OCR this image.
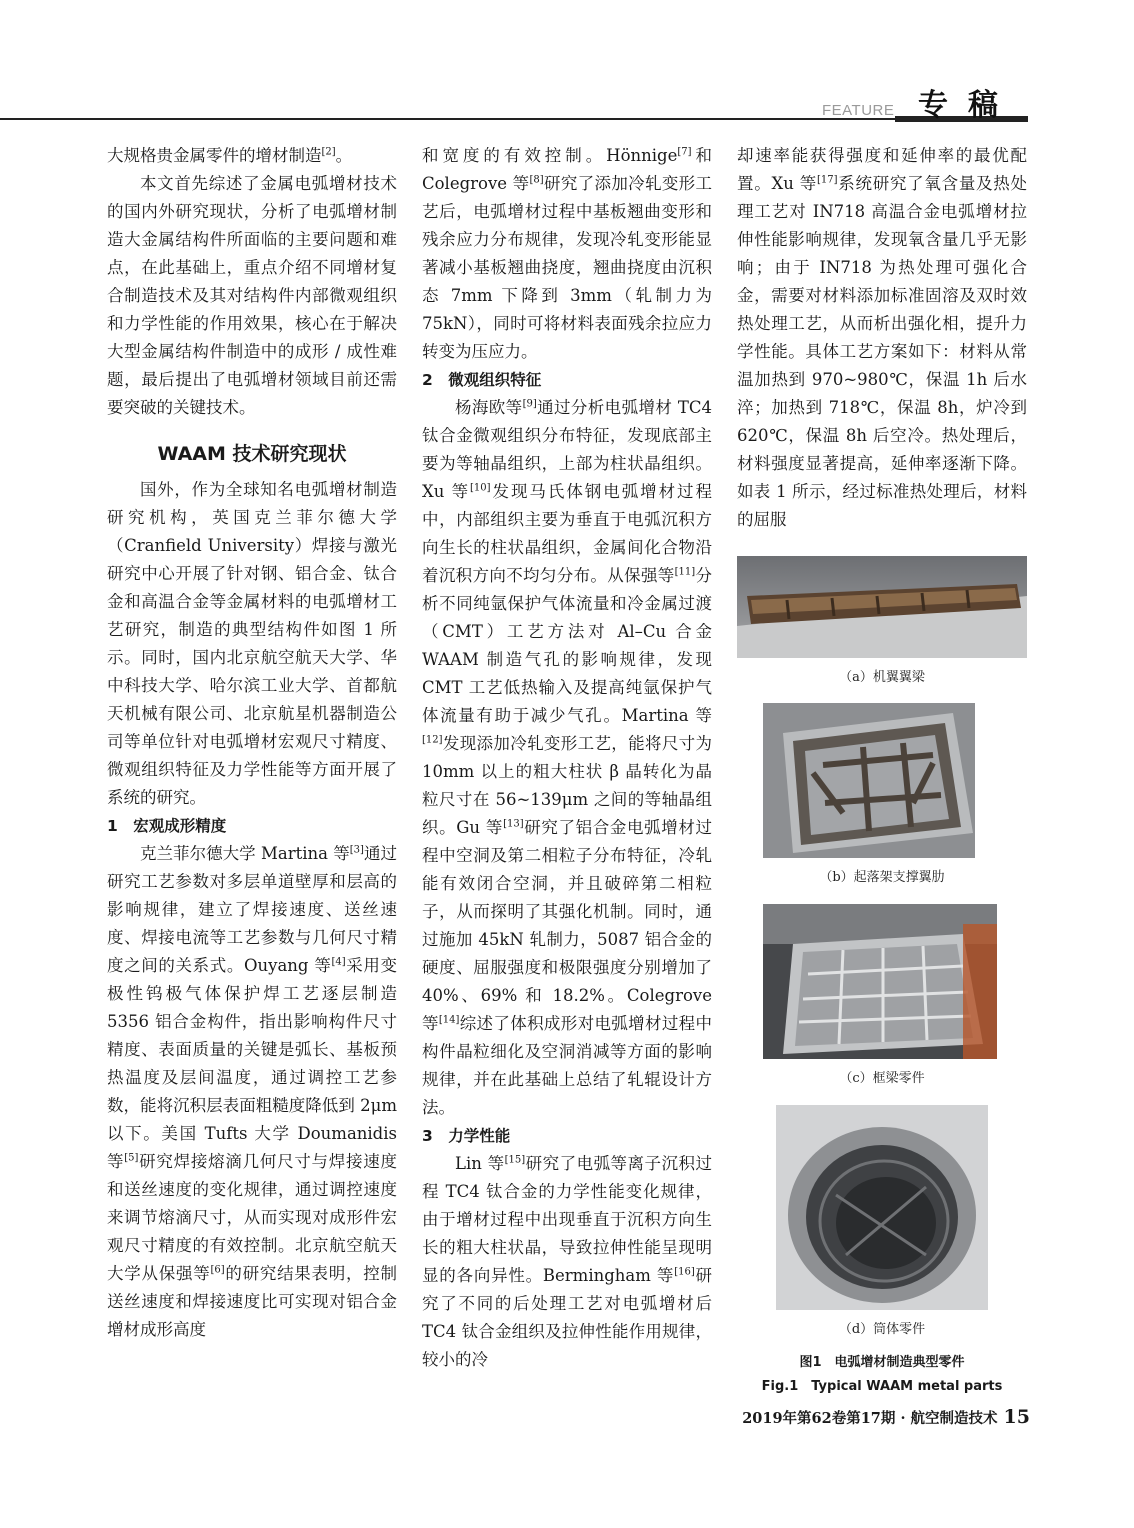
FEATURE 专稿

大规格贵金属零件的增材制造[2]。

本文首先综述了金属电弧增材技术的国内外研究现状，分析了电弧增材制造大金属结构件所面临的主要问题和难点，在此基础上，重点介绍不同增材复合制造技术及其对结构件内部微观组织和力学性能的作用效果，核心在于解决大型金属结构件制造中的成形 / 成性难题，最后提出了电弧增材领域目前还需要突破的关键技术。

WAAM 技术研究现状

国外，作为全球知名电弧增材制造研究机构，英国克兰菲尔德大学（Cranfield University）焊接与激光研究中心开展了针对钢、铝合金、钛合金和高温合金等金属材料的电弧增材工艺研究，制造的典型结构件如图 1 所示。同时，国内北京航空航天大学、华中科技大学、哈尔滨工业大学、首都航天机械有限公司、北京航星机器制造公司等单位针对电弧增材宏观尺寸精度、微观组织特征及力学性能等方面开展了系统的研究。

1　宏观成形精度

克兰菲尔德大学 Martina 等[3]通过研究工艺参数对多层单道壁厚和层高的影响规律，建立了焊接速度、送丝速度、焊接电流等工艺参数与几何尺寸精度之间的关系式。Ouyang 等[4]采用变极性钨极气体保护焊工艺逐层制造 5356 铝合金构件，指出影响构件尺寸精度、表面质量的关键是弧长、基板预热温度及层间温度，通过调控工艺参数，能将沉积层表面粗糙度降低到 2μm 以下。美国 Tufts 大学 Doumanidis 等[5]研究焊接熔滴几何尺寸与焊接速度和送丝速度的变化规律，通过调控速度来调节熔滴尺寸，从而实现对成形件宏观尺寸精度的有效控制。北京航空航天大学从保强等[6]的研究结果表明，控制送丝速度和焊接速度比可实现对铝合金增材成形高度

和宽度的有效控制。Hönnige[7]和 Colegrove 等[8]研究了添加冷轧变形工艺后，电弧增材过程中基板翘曲变形和残余应力分布规律，发现冷轧变形能显著减小基板翘曲挠度，翘曲挠度由沉积态 7mm 下降到 3mm（轧制力为 75kN），同时可将材料表面残余拉应力转变为压应力。

2　微观组织特征

杨海欧等[9]通过分析电弧增材 TC4 钛合金微观组织分布特征，发现底部主要为等轴晶组织，上部为柱状晶组织。Xu 等[10]发现马氏体钢电弧增材过程中，内部组织主要为垂直于电弧沉积方向生长的柱状晶组织，金属间化合物沿着沉积方向不均匀分布。从保强等[11]分析不同纯氩保护气体流量和冷金属过渡（CMT）工艺方法对 Al–Cu 合金 WAAM 制造气孔的影响规律，发现 CMT 工艺低热输入及提高纯氩保护气体流量有助于减少气孔。Martina 等[12]发现添加冷轧变形工艺，能将尺寸为 10mm 以上的粗大柱状 β 晶转化为晶粒尺寸在 56~139μm 之间的等轴晶组织。Gu 等[13]研究了铝合金电弧增材过程中空洞及第二相粒子分布特征，冷轧能有效闭合空洞，并且破碎第二相粒子，从而探明了其强化机制。同时，通过施加 45kN 轧制力，5087 铝合金的硬度、屈服强度和极限强度分别增加了 40%、69% 和 18.2%。Colegrove 等[14]综述了体积成形对电弧增材过程中构件晶粒细化及空洞消减等方面的影响规律，并在此基础上总结了轧辊设计方法。

3　力学性能

Lin 等[15]研究了电弧等离子沉积过程 TC4 钛合金的力学性能变化规律，由于增材过程中出现垂直于沉积方向生长的粗大柱状晶，导致拉伸性能呈现明显的各向异性。Bermingham 等[16]研究了不同的后处理工艺对电弧增材后 TC4 钛合金组织及拉伸性能作用规律，较小的冷

却速率能获得强度和延伸率的最优配置。Xu 等[17]系统研究了氧含量及热处理工艺对 IN718 高温合金电弧增材拉伸性能影响规律，发现氧含量几乎无影响；由于 IN718 为热处理可强化合金，需要对材料添加标准固溶及双时效热处理工艺，从而析出强化相，提升力学性能。具体工艺方案如下：材料从常温加热到 970~980℃，保温 1h 后水淬；加热到 718℃，保温 8h，炉冷到 620℃，保温 8h 后空冷。热处理后，材料强度显著提高，延伸率逐渐下降。如表 1 所示，经过标准热处理后，材料的屈服

（a）机翼翼梁
（b）起落架支撑翼肋
（c）框梁零件
（d）筒体零件
图1　电弧增材制造典型零件
Fig.1　Typical WAAM metal parts
2019年第62卷第17期 · 航空制造技术 15
